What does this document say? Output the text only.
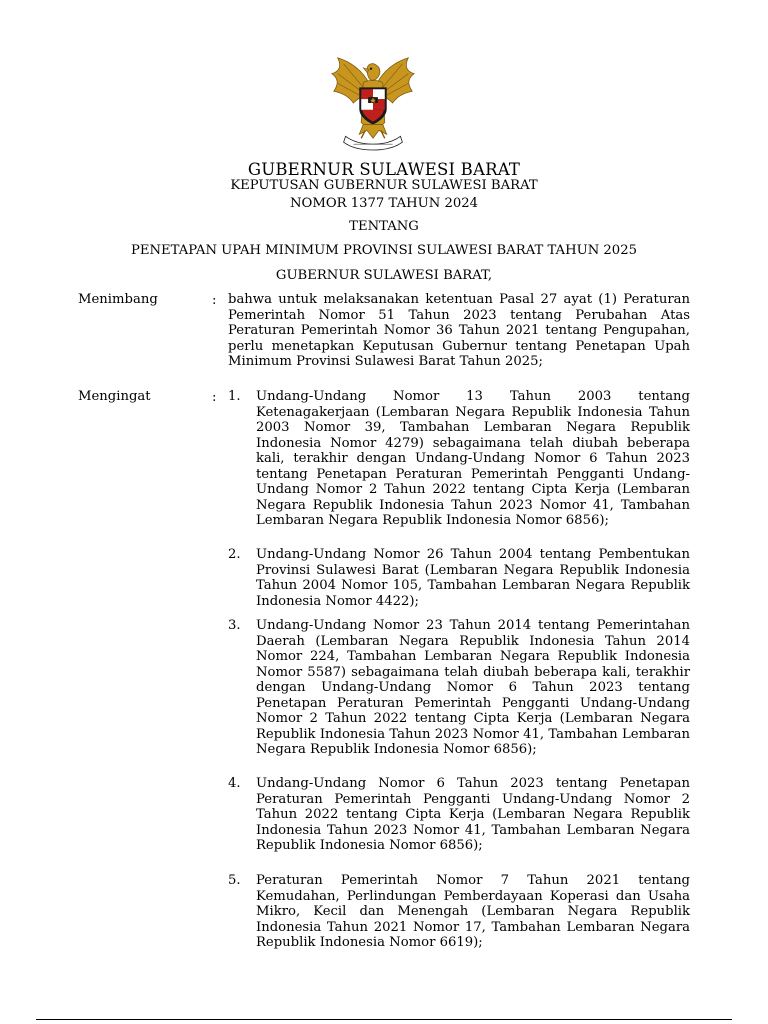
GUBERNUR SULAWESI BARAT
KEPUTUSAN GUBERNUR SULAWESI BARAT
NOMOR 1377 TAHUN 2024
TENTANG
PENETAPAN UPAH MINIMUM PROVINSI SULAWESI BARAT TAHUN 2025
GUBERNUR SULAWESI BARAT,
Menimbang	: bahwa untuk melaksanakan ketentuan Pasal 27 ayat (1) Peraturan Pemerintah Nomor 51 Tahun 2023 tentang Perubahan Atas Peraturan Pemerintah Nomor 36 Tahun 2021 tentang Pengupahan, perlu menetapkan Keputusan Gubernur tentang Penetapan Upah Minimum Provinsi Sulawesi Barat Tahun 2025;
Mengingat	: 1. Undang-Undang Nomor 13 Tahun 2003 tentang Ketenagakerjaan (Lembaran Negara Republik Indonesia Tahun 2003 Nomor 39, Tambahan Lembaran Negara Republik Indonesia Nomor 4279) sebagaimana telah diubah beberapa kali, terakhir dengan Undang-Undang Nomor 6 Tahun 2023 tentang Penetapan Peraturan Pemerintah Pengganti Undang-Undang Nomor 2 Tahun 2022 tentang Cipta Kerja (Lembaran Negara Republik Indonesia Tahun 2023 Nomor 41, Tambahan Lembaran Negara Republik Indonesia Nomor 6856);
2. Undang-Undang Nomor 26 Tahun 2004 tentang Pembentukan Provinsi Sulawesi Barat (Lembaran Negara Republik Indonesia Tahun 2004 Nomor 105, Tambahan Lembaran Negara Republik Indonesia Nomor 4422);
3. Undang-Undang Nomor 23 Tahun 2014 tentang Pemerintahan Daerah (Lembaran Negara Republik Indonesia Tahun 2014 Nomor 224, Tambahan Lembaran Negara Republik Indonesia Nomor 5587) sebagaimana telah diubah beberapa kali, terakhir dengan Undang-Undang Nomor 6 Tahun 2023 tentang Penetapan Peraturan Pemerintah Pengganti Undang-Undang Nomor 2 Tahun 2022 tentang Cipta Kerja (Lembaran Negara Republik Indonesia Tahun 2023 Nomor 41, Tambahan Lembaran Negara Republik Indonesia Nomor 6856);
4. Undang-Undang Nomor 6 Tahun 2023 tentang Penetapan Peraturan Pemerintah Pengganti Undang-Undang Nomor 2 Tahun 2022 tentang Cipta Kerja (Lembaran Negara Republik Indonesia Tahun 2023 Nomor 41, Tambahan Lembaran Negara Republik Indonesia Nomor 6856);
5. Peraturan Pemerintah Nomor 7 Tahun 2021 tentang Kemudahan, Perlindungan Pemberdayaan Koperasi dan Usaha Mikro, Kecil dan Menengah (Lembaran Negara Republik Indonesia Tahun 2021 Nomor 17, Tambahan Lembaran Negara Republik Indonesia Nomor 6619);
